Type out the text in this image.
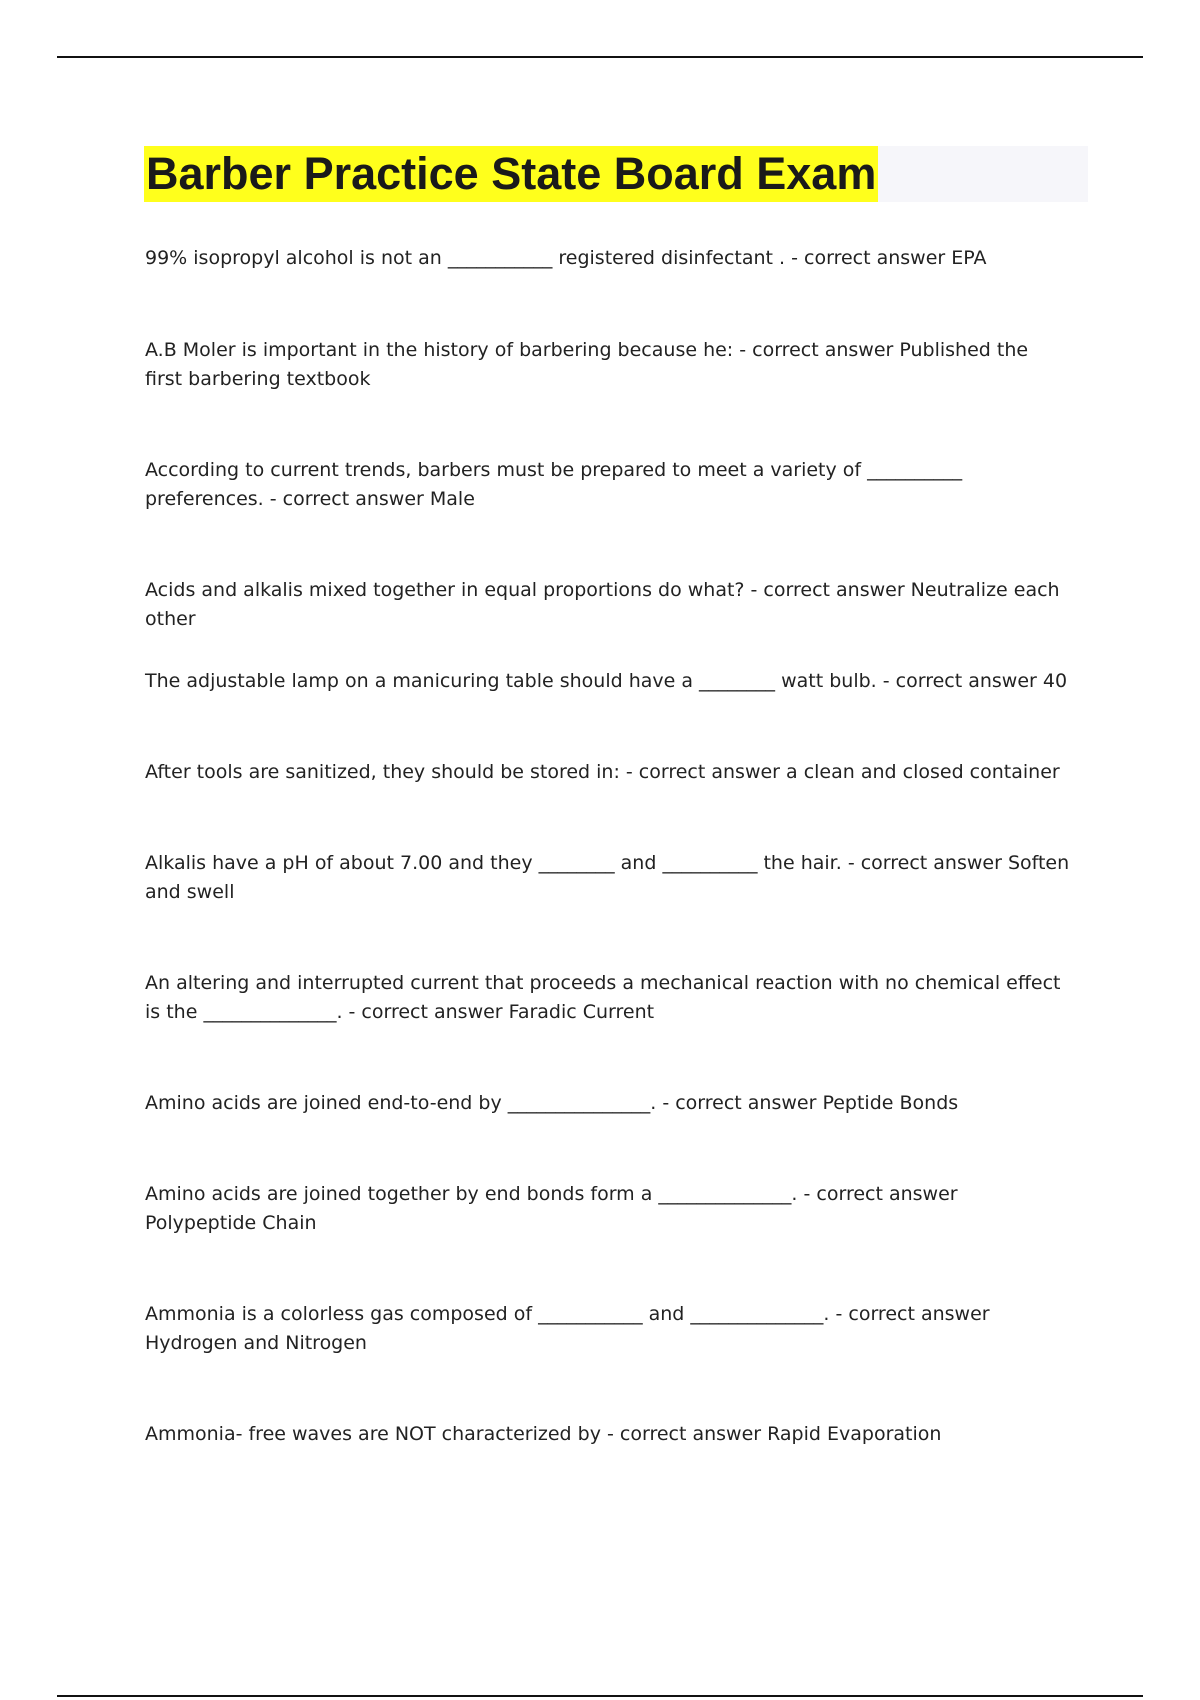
Barber Practice State Board Exam

99% isopropyl alcohol is not an ___________ registered disinfectant . - correct answer EPA

A.B Moler is important in the history of barbering because he: - correct answer Published the first barbering textbook

According to current trends, barbers must be prepared to meet a variety of __________ preferences. - correct answer Male

Acids and alkalis mixed together in equal proportions do what? - correct answer Neutralize each other

The adjustable lamp on a manicuring table should have a ________ watt bulb. - correct answer 40

After tools are sanitized, they should be stored in: - correct answer a clean and closed container

Alkalis have a pH of about 7.00 and they ________ and __________ the hair. - correct answer Soften and swell

An altering and interrupted current that proceeds a mechanical reaction with no chemical effect is the ______________. - correct answer Faradic Current

Amino acids are joined end-to-end by _______________. - correct answer Peptide Bonds

Amino acids are joined together by end bonds form a ______________. - correct answer Polypeptide Chain

Ammonia is a colorless gas composed of ___________ and ______________. - correct answer Hydrogen and Nitrogen

Ammonia- free waves are NOT characterized by - correct answer Rapid Evaporation
